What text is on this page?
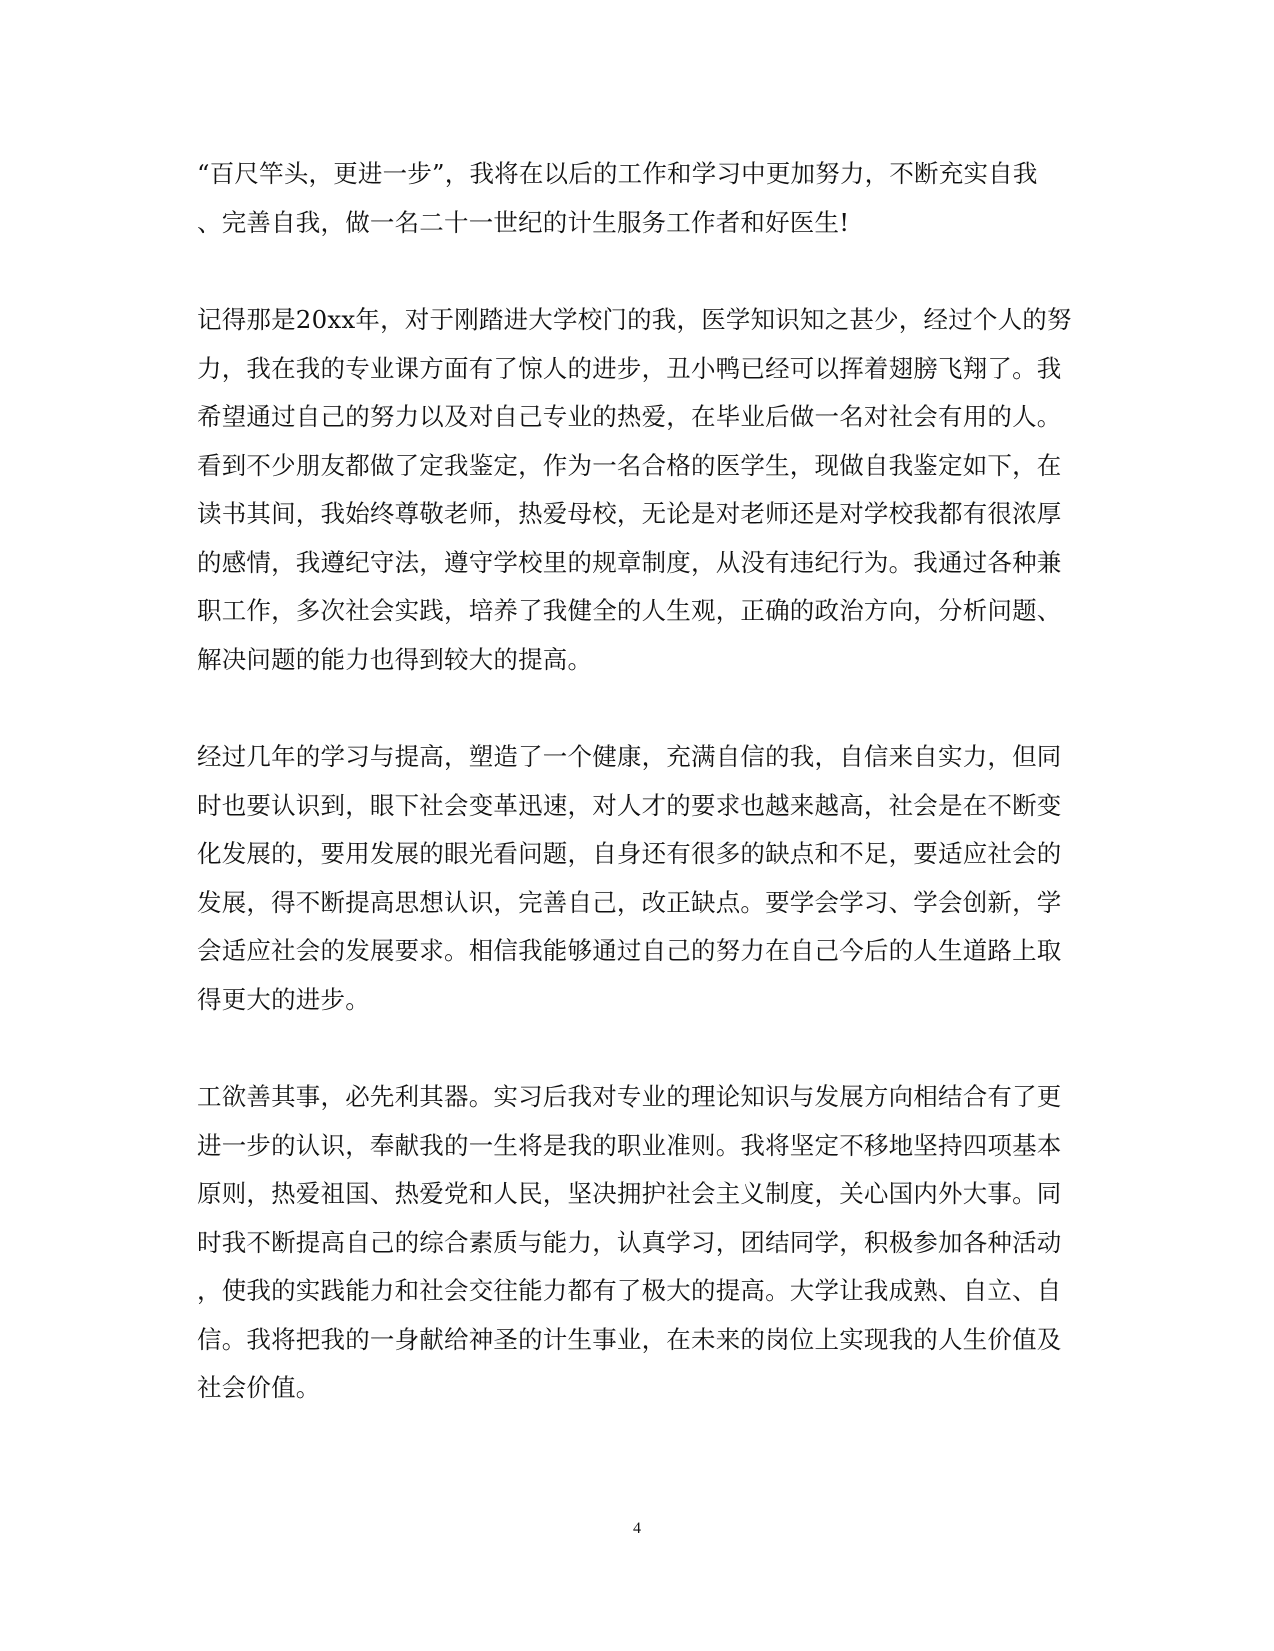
“百尺竿头，更进一步”，我将在以后的工作和学习中更加努力，不断充实自我
、完善自我，做一名二十一世纪的计生服务工作者和好医生!

记得那是20xx年，对于刚踏进大学校门的我，医学知识知之甚少，经过个人的努
力，我在我的专业课方面有了惊人的进步，丑小鸭已经可以挥着翅膀飞翔了。我
希望通过自己的努力以及对自己专业的热爱，在毕业后做一名对社会有用的人。
看到不少朋友都做了定我鉴定，作为一名合格的医学生，现做自我鉴定如下，在
读书其间，我始终尊敬老师，热爱母校，无论是对老师还是对学校我都有很浓厚
的感情，我遵纪守法，遵守学校里的规章制度，从没有违纪行为。我通过各种兼
职工作，多次社会实践，培养了我健全的人生观，正确的政治方向，分析问题、
解决问题的能力也得到较大的提高。

经过几年的学习与提高，塑造了一个健康，充满自信的我，自信来自实力，但同
时也要认识到，眼下社会变革迅速，对人才的要求也越来越高，社会是在不断变
化发展的，要用发展的眼光看问题，自身还有很多的缺点和不足，要适应社会的
发展，得不断提高思想认识，完善自己，改正缺点。要学会学习、学会创新，学
会适应社会的发展要求。相信我能够通过自己的努力在自己今后的人生道路上取
得更大的进步。

工欲善其事，必先利其器。实习后我对专业的理论知识与发展方向相结合有了更
进一步的认识，奉献我的一生将是我的职业准则。我将坚定不移地坚持四项基本
原则，热爱祖国、热爱党和人民，坚决拥护社会主义制度，关心国内外大事。同
时我不断提高自己的综合素质与能力，认真学习，团结同学，积极参加各种活动
，使我的实践能力和社会交往能力都有了极大的提高。大学让我成熟、自立、自
信。我将把我的一身献给神圣的计生事业，在未来的岗位上实现我的人生价值及
社会价值。

4
